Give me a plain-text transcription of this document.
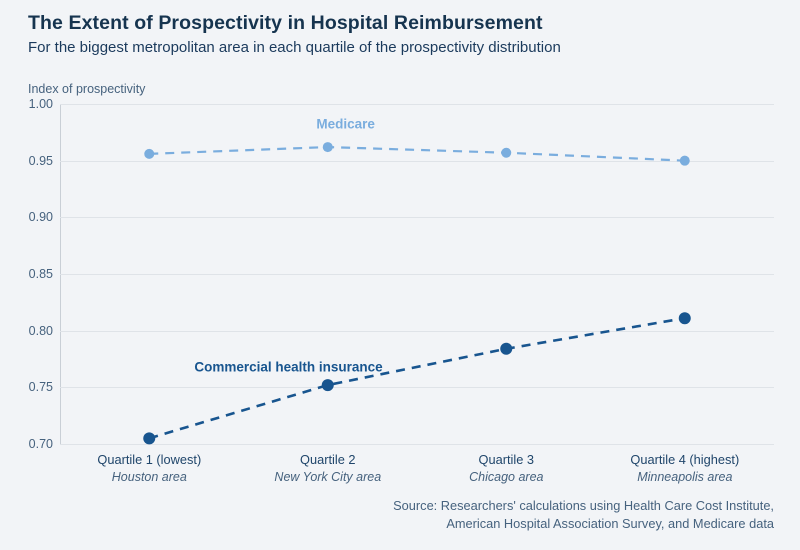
The Extent of Prospectivity in Hospital Reimbursement
For the biggest metropolitan area in each quartile of the prospectivity distribution
Index of prospectivity
0.70
0.75
0.80
0.85
0.90
0.95
1.00
Medicare
Commercial health insurance
Quartile 1 (lowest)
Houston area
Quartile 2
New York City area
Quartile 3
Chicago area
Quartile 4 (highest)
Minneapolis area
Source: Researchers' calculations using Health Care Cost Institute,
American Hospital Association Survey, and Medicare data
